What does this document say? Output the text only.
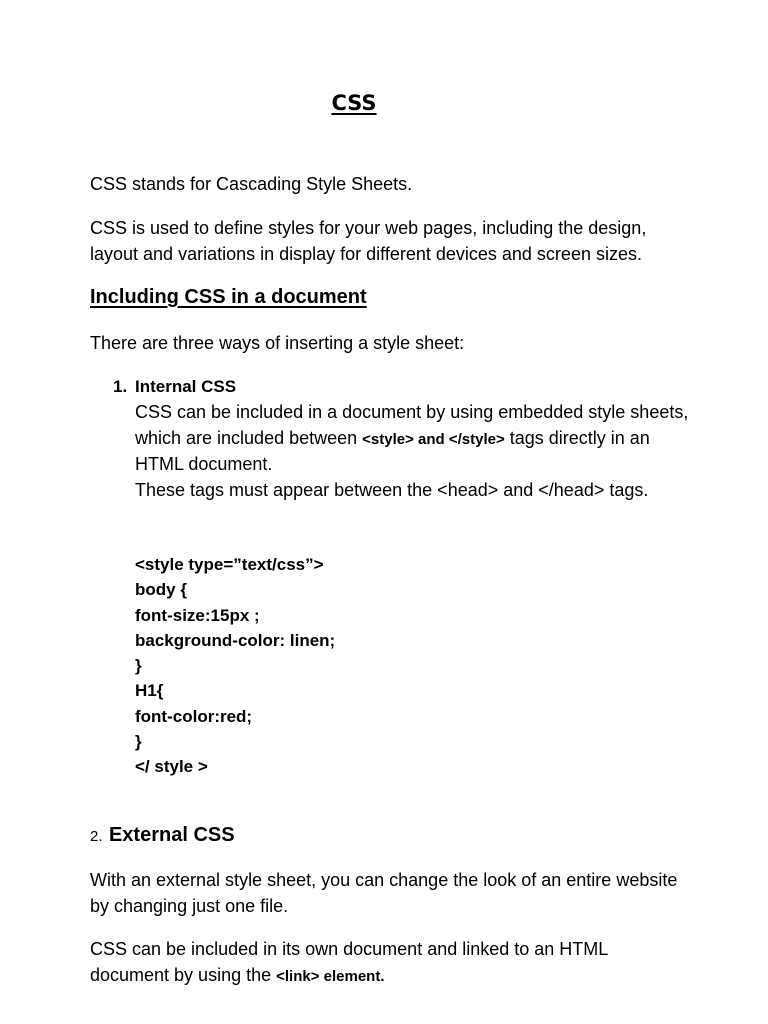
CSS

CSS stands for Cascading Style Sheets.

CSS is used to define styles for your web pages, including the design, layout and variations in display for different devices and screen sizes.

Including CSS in a document

There are three ways of inserting a style sheet:

1. Internal CSS

CSS can be included in a document by using embedded style sheets, which are included between <style> and </style> tags directly in an HTML document.
These tags must appear between the <head> and </head> tags.

<style type=”text/css”>
body {
font-size:15px ;
background-color: linen;
}
H1{
font-color:red;
}
</ style >
2. External CSS

With an external style sheet, you can change the look of an entire website by changing just one file.

CSS can be included in its own document and linked to an HTML document by using the <link> element.
